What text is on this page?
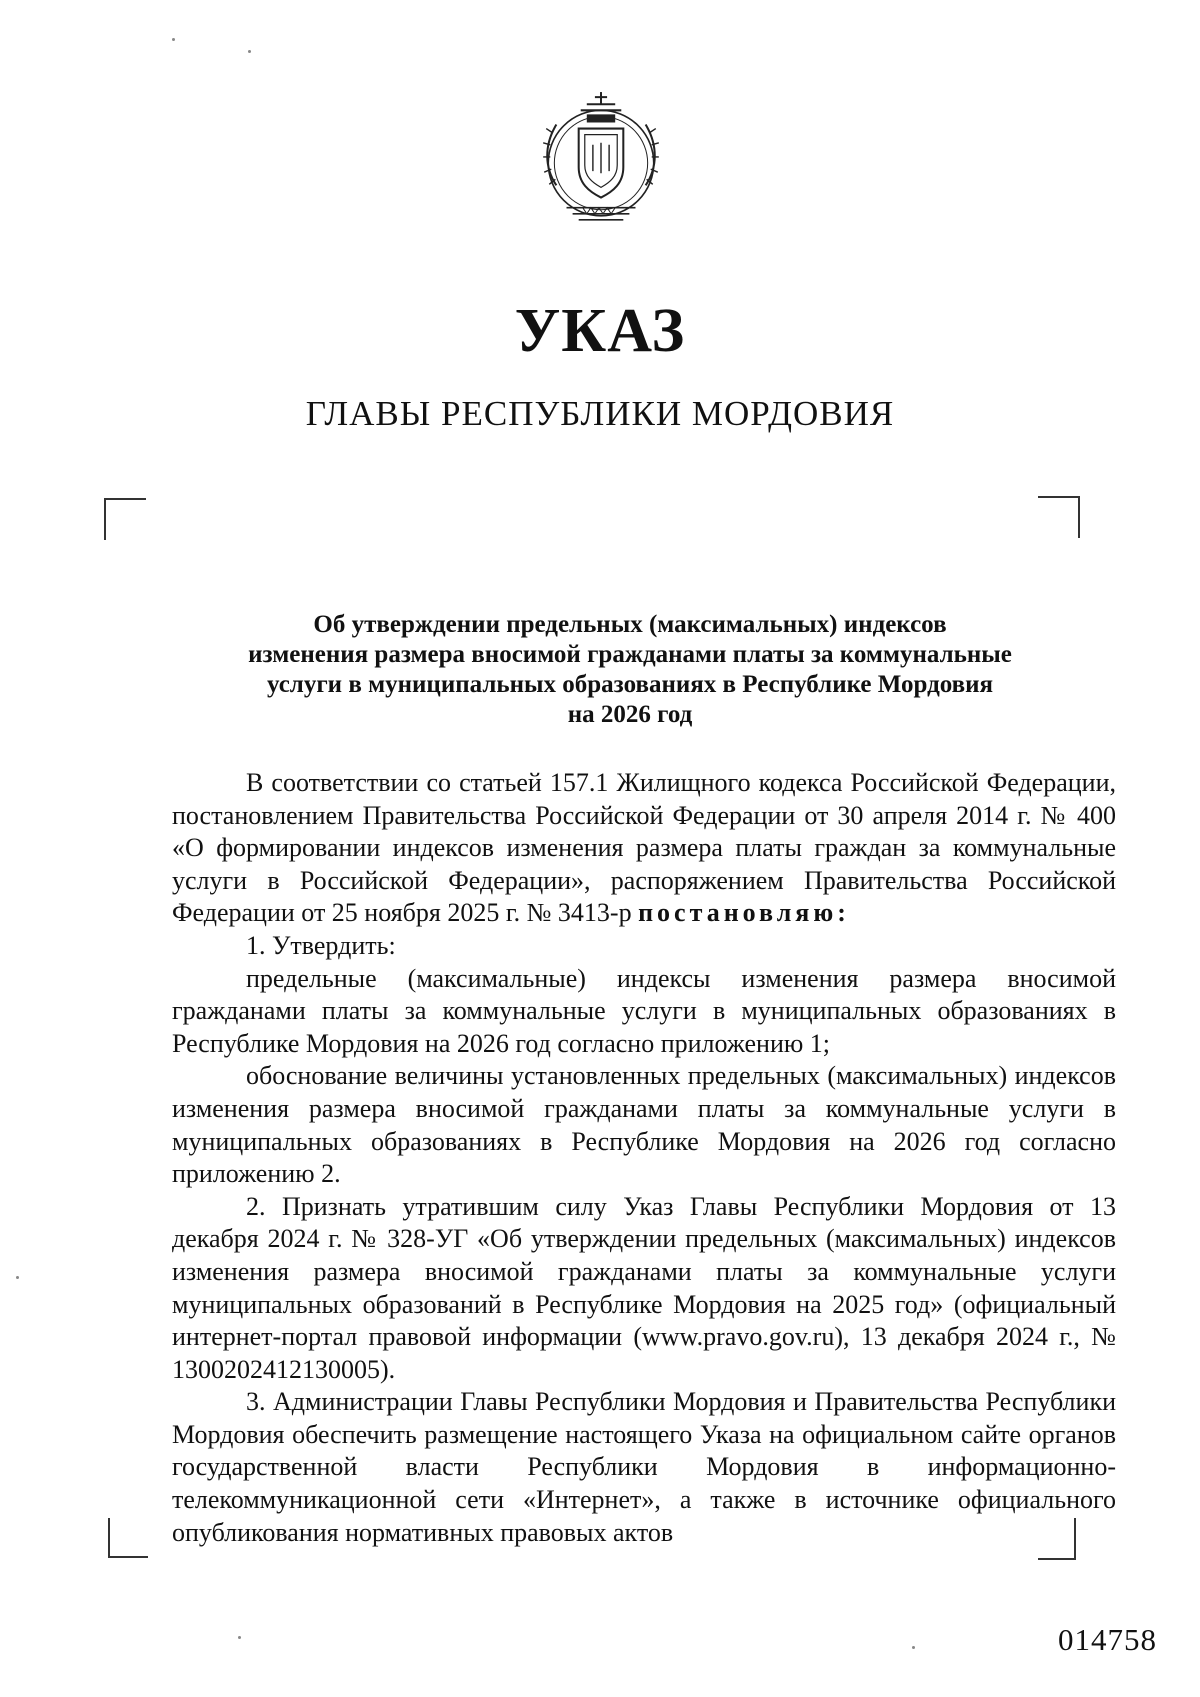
УКАЗ
ГЛАВЫ РЕСПУБЛИКИ МОРДОВИЯ
Об утверждении предельных (максимальных) индексов
изменения размера вносимой гражданами платы за коммунальные
услуги в муниципальных образованиях в Республике Мордовия
на 2026 год

В соответствии со статьей 157.1 Жилищного кодекса Российской Федерации, постановлением Правительства Российской Федерации от 30 апреля 2014 г. № 400 «О формировании индексов изменения размера платы граждан за коммунальные услуги в Российской Федерации», распоряжением Правительства Российской Федерации от 25 ноября 2025 г. № 3413-р постановляю:

1. Утвердить:

предельные (максимальные) индексы изменения размера вносимой гражданами платы за коммунальные услуги в муниципальных образованиях в Республике Мордовия на 2026 год согласно приложению 1;

обоснование величины установленных предельных (максимальных) индексов изменения размера вносимой гражданами платы за коммунальные услуги в муниципальных образованиях в Республике Мордовия на 2026 год согласно приложению 2.

2. Признать утратившим силу Указ Главы Республики Мордовия от 13 декабря 2024 г. № 328-УГ «Об утверждении предельных (максимальных) индексов изменения размера вносимой гражданами платы за коммунальные услуги муниципальных образований в Республике Мордовия на 2025 год» (официальный интернет-портал правовой информации (www.pravo.gov.ru), 13 декабря 2024 г., № 1300202412130005).

3. Администрации Главы Республики Мордовия и Правительства Республики Мордовия обеспечить размещение настоящего Указа на официальном сайте органов государственной власти Республики Мордовия в информационно-телекоммуникационной сети «Интернет», а также в источнике официального опубликования нормативных правовых актов

014758
